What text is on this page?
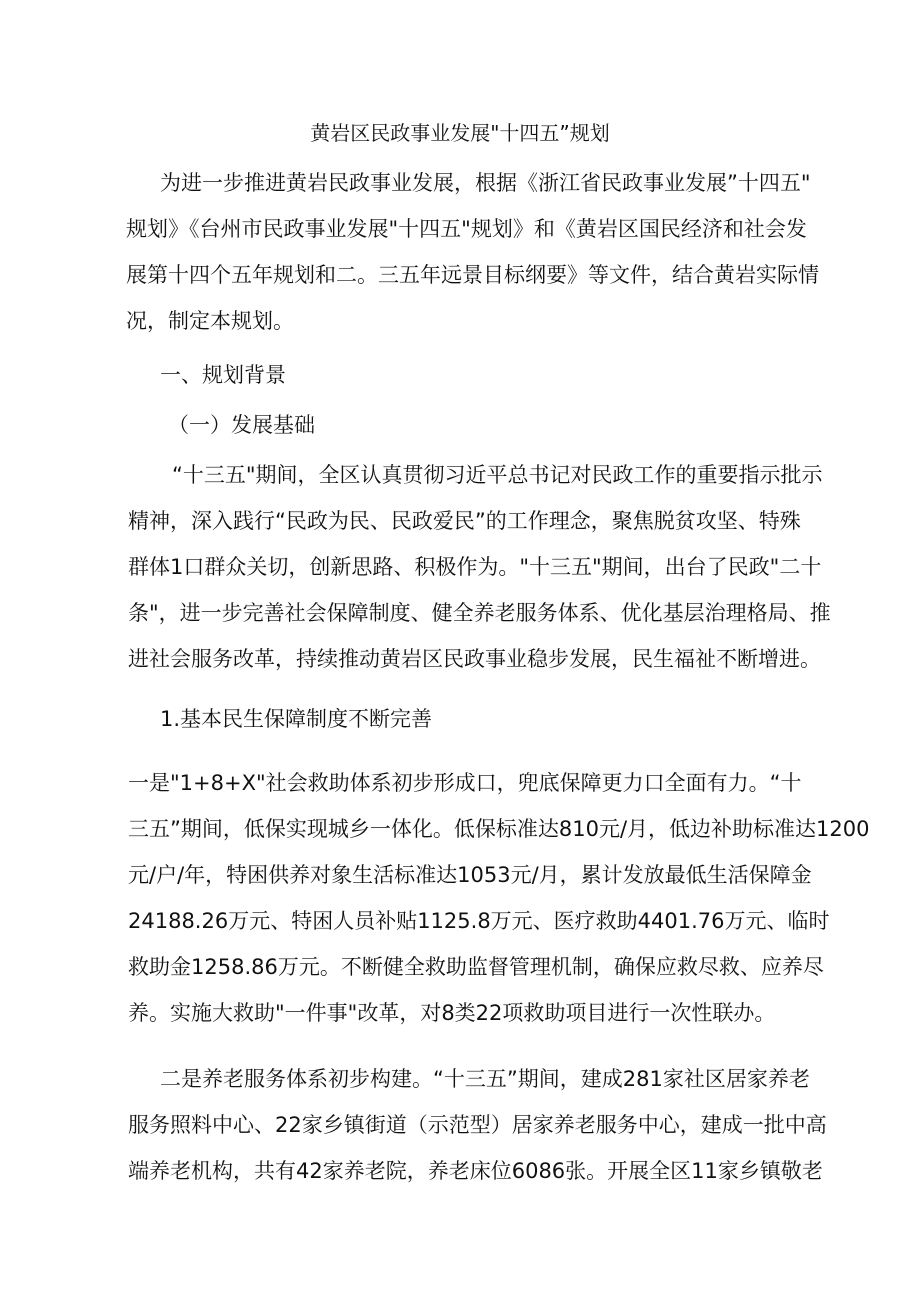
黄岩区民政事业发展"十四五”规划
为进一步推进黄岩民政事业发展，根据《浙江省民政事业发展”十四五"
规划》《台州市民政事业发展"十四五"规划》和《黄岩区国民经济和社会发
展第十四个五年规划和二。三五年远景目标纲要》等文件，结合黄岩实际情
况，制定本规划。
一、规划背景
（一）发展基础
“十三五"期间，全区认真贯彻习近平总书记对民政工作的重要指示批示
精神，深入践行“民政为民、民政爱民”的工作理念，聚焦脱贫攻坚、特殊
群体1口群众关切，创新思路、积极作为。"十三五"期间，出台了民政"二十
条"，进一步完善社会保障制度、健全养老服务体系、优化基层治理格局、推
进社会服务改革，持续推动黄岩区民政事业稳步发展，民生福祉不断增进。
1.基本民生保障制度不断完善
一是"1+8+X"社会救助体系初步形成口，兜底保障更力口全面有力。“十
三五”期间，低保实现城乡一体化。低保标准达810元/月，低边补助标准达1200
元/户/年，特困供养对象生活标准达1053元/月，累计发放最低生活保障金
24188.26万元、特困人员补贴1125.8万元、医疗救助4401.76万元、临时
救助金1258.86万元。不断健全救助监督管理机制，确保应救尽救、应养尽
养。实施大救助"一件事"改革，对8类22项救助项目进行一次性联办。
二是养老服务体系初步构建。“十三五”期间，建成281家社区居家养老
服务照料中心、22家乡镇街道（示范型）居家养老服务中心，建成一批中高
端养老机构，共有42家养老院，养老床位6086张。开展全区11家乡镇敬老
